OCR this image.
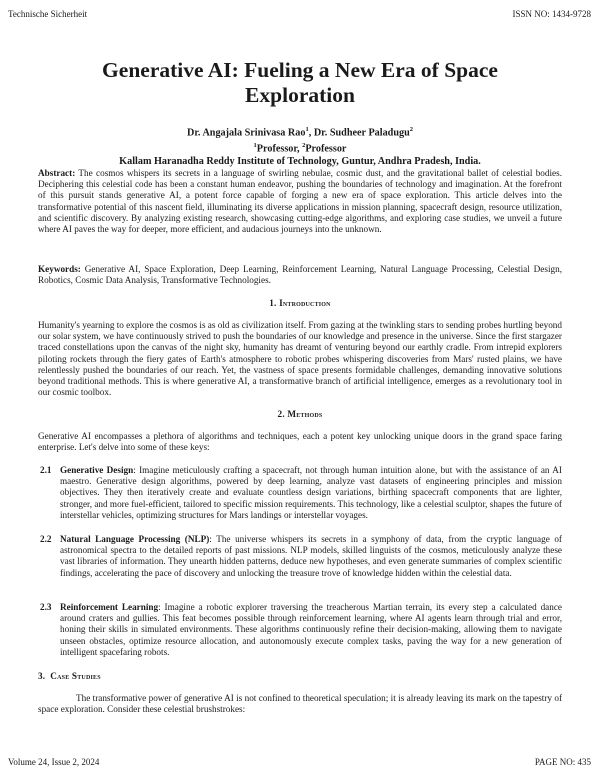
Technische Sicherheit	ISSN NO: 1434-9728
Generative AI: Fueling a New Era of Space
Exploration
Dr. Angajala Srinivasa Rao$^1$, Dr. Sudheer Paladugu$^2$
$^1$Professor, $^2$Professor
Kallam Haranadha Reddy Institute of Technology, Guntur, Andhra Pradesh, India.

Abstract: The cosmos whispers its secrets in a language of swirling nebulae, cosmic dust, and the gravitational ballet of celestial bodies. Deciphering this celestial code has been a constant human endeavor, pushing the boundaries of technology and imagination. At the forefront of this pursuit stands generative AI, a potent force capable of forging a new era of space exploration. This article delves into the transformative potential of this nascent field, illuminating its diverse applications in mission planning, spacecraft design, resource utilization, and scientific discovery. By analyzing existing research, showcasing cutting-edge algorithms, and exploring case studies, we unveil a future where AI paves the way for deeper, more efficient, and audacious journeys into the unknown.

Keywords: Generative AI, Space Exploration, Deep Learning, Reinforcement Learning, Natural Language Processing, Celestial Design, Robotics, Cosmic Data Analysis, Transformative Technologies.

1. Introduction

Humanity's yearning to explore the cosmos is as old as civilization itself. From gazing at the twinkling stars to sending probes hurtling beyond our solar system, we have continuously strived to push the boundaries of our knowledge and presence in the universe. Since the first stargazer traced constellations upon the canvas of the night sky, humanity has dreamt of venturing beyond our earthly cradle. From intrepid explorers piloting rockets through the fiery gates of Earth's atmosphere to robotic probes whispering discoveries from Mars' rusted plains, we have relentlessly pushed the boundaries of our reach. Yet, the vastness of space presents formidable challenges, demanding innovative solutions beyond traditional methods. This is where generative AI, a transformative branch of artificial intelligence, emerges as a revolutionary tool in our cosmic toolbox.

2. Methods

Generative AI encompasses a plethora of algorithms and techniques, each a potent key unlocking unique doors in the grand space faring enterprise. Let's delve into some of these keys:

2.1 Generative Design: Imagine meticulously crafting a spacecraft, not through human intuition alone, but with the assistance of an AI maestro. Generative design algorithms, powered by deep learning, analyze vast datasets of engineering principles and mission objectives. They then iteratively create and evaluate countless design variations, birthing spacecraft components that are lighter, stronger, and more fuel-efficient, tailored to specific mission requirements. This technology, like a celestial sculptor, shapes the future of interstellar vehicles, optimizing structures for Mars landings or interstellar voyages.
2.2 Natural Language Processing (NLP): The universe whispers its secrets in a symphony of data, from the cryptic language of astronomical spectra to the detailed reports of past missions. NLP models, skilled linguists of the cosmos, meticulously analyze these vast libraries of information. They unearth hidden patterns, deduce new hypotheses, and even generate summaries of complex scientific findings, accelerating the pace of discovery and unlocking the treasure trove of knowledge hidden within the celestial data.
2.3 Reinforcement Learning: Imagine a robotic explorer traversing the treacherous Martian terrain, its every step a calculated dance around craters and gullies. This feat becomes possible through reinforcement learning, where AI agents learn through trial and error, honing their skills in simulated environments. These algorithms continuously refine their decision-making, allowing them to navigate unseen obstacles, optimize resource allocation, and autonomously execute complex tasks, paving the way for a new generation of intelligent spacefaring robots.
3. Case Studies

The transformative power of generative AI is not confined to theoretical speculation; it is already leaving its mark on the tapestry of space exploration. Consider these celestial brushstrokes:

Volume 24, Issue 2, 2024	PAGE NO: 435
